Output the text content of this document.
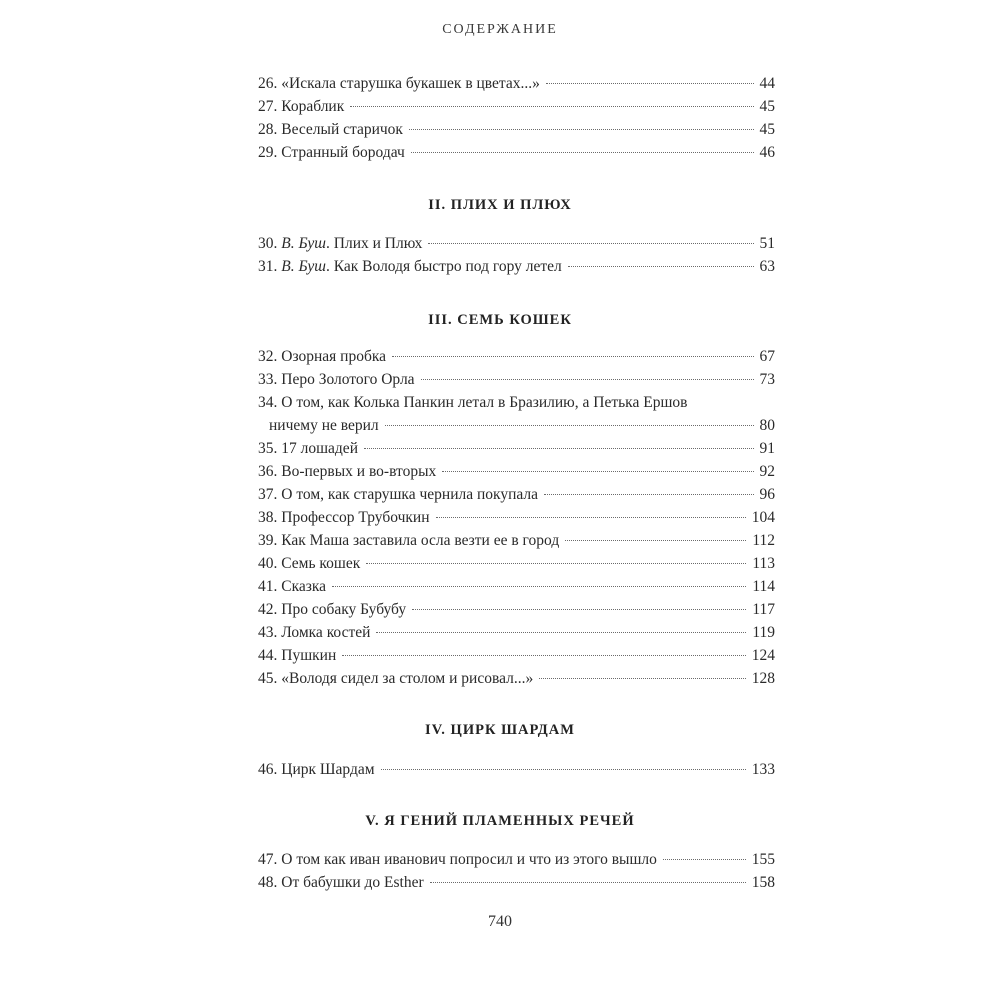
СОДЕРЖАНИЕ
26. «Искала старушка букашек в цветах...»	44
27. Кораблик	45
28. Веселый старичок	45
29. Странный бородач	46
II. ПЛИХ И ПЛЮХ
30. В. Буш. Плих и Плюх	51
31. В. Буш. Как Володя быстро под гору летел	63
III. СЕМЬ КОШЕК
32. Озорная пробка	67
33. Перо Золотого Орла	73
34. О том, как Колька Панкин летал в Бразилию, а Петька Ершов
ничему не верил	80
35. 17 лошадей	91
36. Во-первых и во-вторых	92
37. О том, как старушка чернила покупала	96
38. Профессор Трубочкин	104
39. Как Маша заставила осла везти ее в город	112
40. Семь кошек	113
41. Сказка	114
42. Про собаку Бубубу	117
43. Ломка костей	119
44. Пушкин	124
45. «Володя сидел за столом и рисовал...»	128
IV. ЦИРК ШАРДАМ
46. Цирк Шардам	133
V. Я ГЕНИЙ ПЛАМЕННЫХ РЕЧЕЙ
47. О том как иван иванович попросил и что из этого вышло	155
48. От бабушки до Esther	158
740
